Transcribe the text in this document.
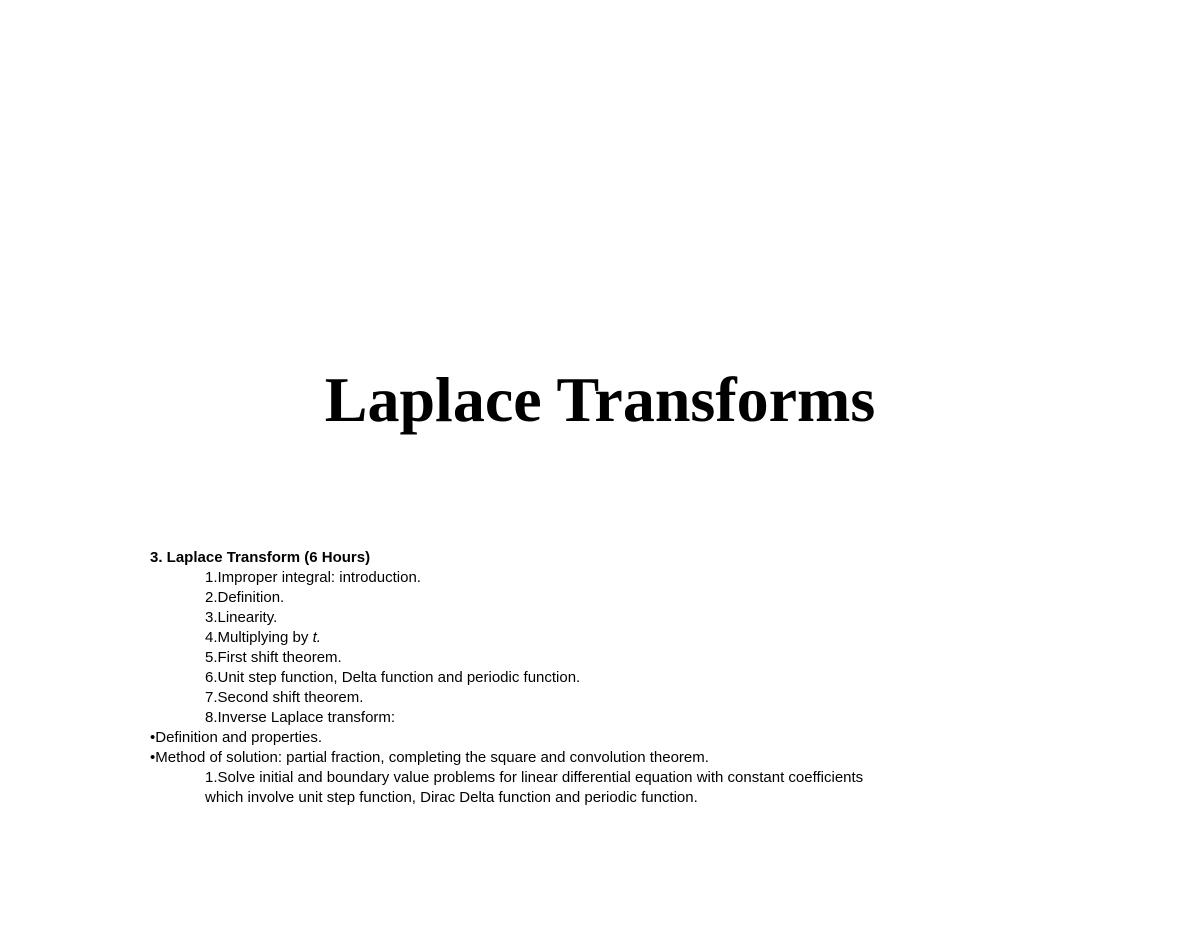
Laplace Transforms
3. Laplace Transform (6 Hours)
1.Improper integral: introduction.
2.Definition.
3.Linearity.
4.Multiplying by t.
5.First shift theorem.
6.Unit step function, Delta function and periodic function.
7.Second shift theorem.
8.Inverse Laplace transform:
•Definition and properties.
•Method of solution: partial fraction, completing the square and convolution theorem.
1.Solve initial and boundary value problems for linear differential equation with constant coefficients which involve unit step function, Dirac Delta function and periodic function.
